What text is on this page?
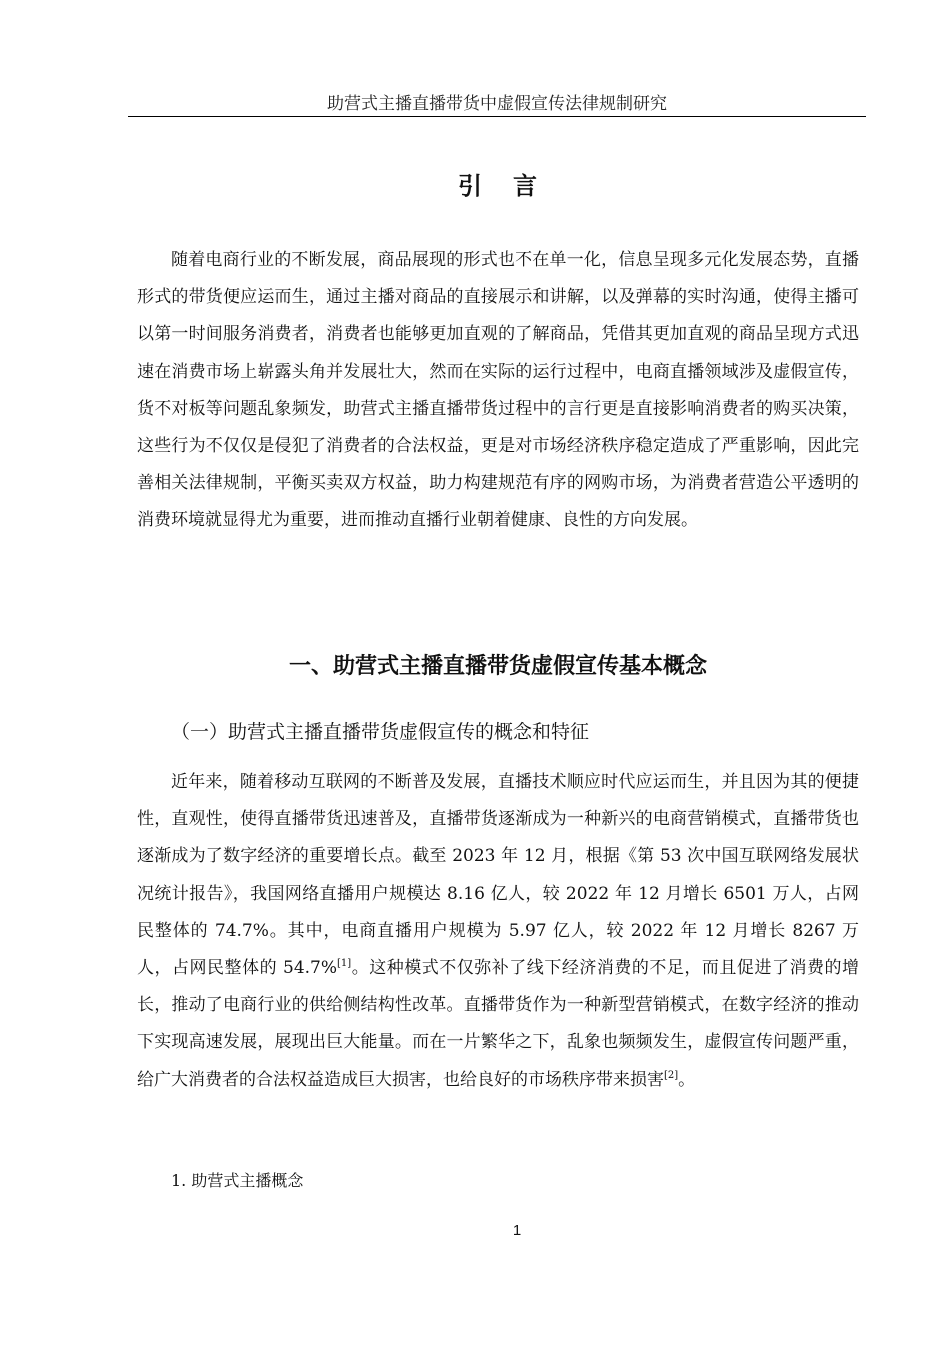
助营式主播直播带货中虚假宣传法律规制研究
引 言

随着电商行业的不断发展，商品展现的形式也不在单一化，信息呈现多元化发展态势，直播形式的带货便应运而生，通过主播对商品的直接展示和讲解，以及弹幕的实时沟通，使得主播可以第一时间服务消费者，消费者也能够更加直观的了解商品，凭借其更加直观的商品呈现方式迅速在消费市场上崭露头角并发展壮大，然而在实际的运行过程中，电商直播领域涉及虚假宣传，货不对板等问题乱象频发，助营式主播直播带货过程中的言行更是直接影响消费者的购买决策，这些行为不仅仅是侵犯了消费者的合法权益，更是对市场经济秩序稳定造成了严重影响，因此完善相关法律规制，平衡买卖双方权益，助力构建规范有序的网购市场，为消费者营造公平透明的消费环境就显得尤为重要，进而推动直播行业朝着健康、良性的方向发展。

一、助营式主播直播带货虚假宣传基本概念
（一）助营式主播直播带货虚假宣传的概念和特征

近年来，随着移动互联网的不断普及发展，直播技术顺应时代应运而生，并且因为其的便捷性，直观性，使得直播带货迅速普及，直播带货逐渐成为一种新兴的电商营销模式，直播带货也逐渐成为了数字经济的重要增长点。截至 2023 年 12 月，根据《第 53 次中国互联网络发展状况统计报告》，我国网络直播用户规模达 8.16 亿人，较 2022 年 12 月增长 6501 万人，占网民整体的 74.7%。其中，电商直播用户规模为 5.97 亿人，较 2022 年 12 月增长 8267 万人，占网民整体的 54.7%[1]。这种模式不仅弥补了线下经济消费的不足，而且促进了消费的增长，推动了电商行业的供给侧结构性改革。直播带货作为一种新型营销模式，在数字经济的推动下实现高速发展，展现出巨大能量。而在一片繁华之下，乱象也频频发生，虚假宣传问题严重，给广大消费者的合法权益造成巨大损害，也给良好的市场秩序带来损害[2]。

1. 助营式主播概念
1
